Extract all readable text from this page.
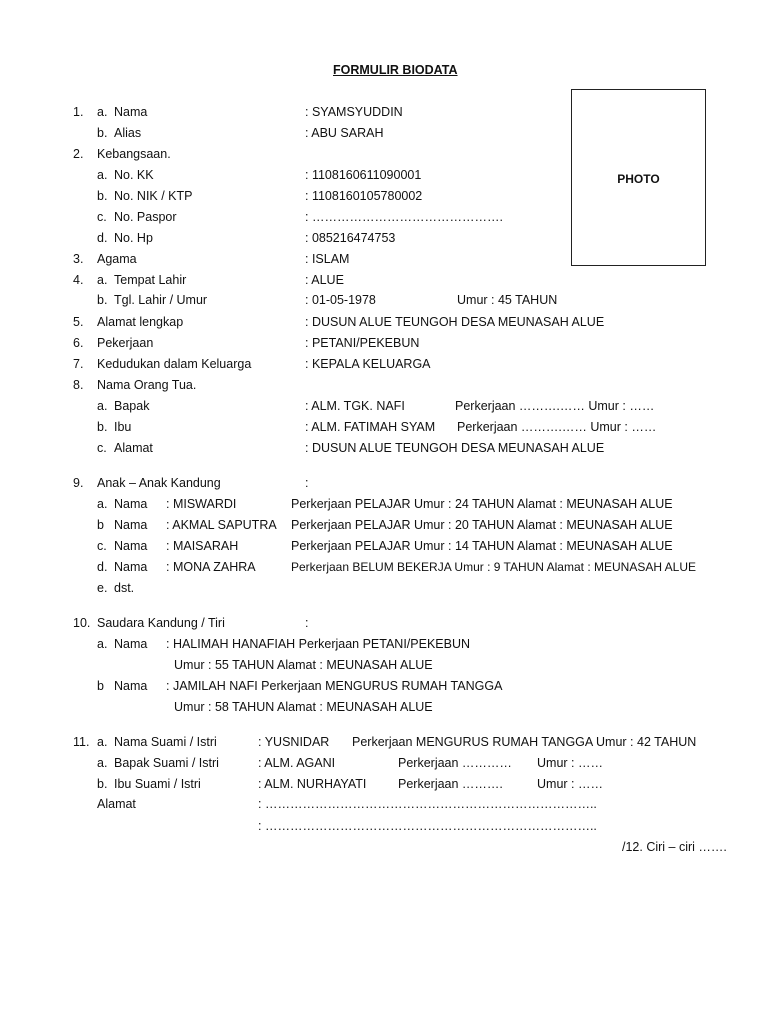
FORMULIR BIODATA
PHOTO
1. a. Nama	: SYAMSYUDDIN
b. Alias	: ABU SARAH
2. Kebangsaan.
a. No. KK	: 1108160611090001
b. No. NIK / KTP	: 1108160105780002
c. No. Paspor	: ……………………………………….
d. No. Hp	: 085216474753
3. Agama	: ISLAM
4. a. Tempat Lahir	: ALUE
b. Tgl. Lahir / Umur	: 01-05-1978	Umur : 45 TAHUN
5. Alamat lengkap	: DUSUN ALUE TEUNGOH DESA MEUNASAH ALUE
6. Pekerjaan	: PETANI/PEKEBUN
7. Kedudukan dalam Keluarga	: KEPALA KELUARGA
8. Nama Orang Tua.
a. Bapak	: ALM. TGK. NAFI	Perkerjaan ……….…… Umur : ……
b. Ibu	: ALM. FATIMAH SYAM Perkerjaan ……….…… Umur : ……
c. Alamat	: DUSUN ALUE TEUNGOH DESA MEUNASAH ALUE
9. Anak – Anak Kandung	:
a. Nama : MISWARDI	Perkerjaan PELAJAR Umur : 24 TAHUN Alamat : MEUNASAH ALUE
b Nama : AKMAL SAPUTRA Perkerjaan PELAJAR Umur : 20 TAHUN Alamat : MEUNASAH ALUE
c. Nama : MAISARAH	Perkerjaan PELAJAR Umur : 14 TAHUN Alamat : MEUNASAH ALUE
d. Nama : MONA ZAHRA	Perkerjaan BELUM BEKERJA Umur : 9 TAHUN Alamat : MEUNASAH ALUE
e. dst.
10. Saudara Kandung / Tiri	:
a. Nama : HALIMAH HANAFIAH Perkerjaan PETANI/PEKEBUN
Umur : 55 TAHUN Alamat : MEUNASAH ALUE
b Nama : JAMILAH NAFI Perkerjaan MENGURUS RUMAH TANGGA
Umur : 58 TAHUN Alamat : MEUNASAH ALUE
11. a. Nama Suami / Istri	: YUSNIDAR Perkerjaan MENGURUS RUMAH TANGGA Umur : 42 TAHUN
a. Bapak Suami / Istri	: ALM. AGANI	Perkerjaan ………… Umur : ……
b. Ibu Suami / Istri	: ALM. NURHAYATI	Perkerjaan ……….	Umur : ……
Alamat	: ……………………………………………………………………..
: ……………………………………………………………………..
/12. Ciri – ciri …….
